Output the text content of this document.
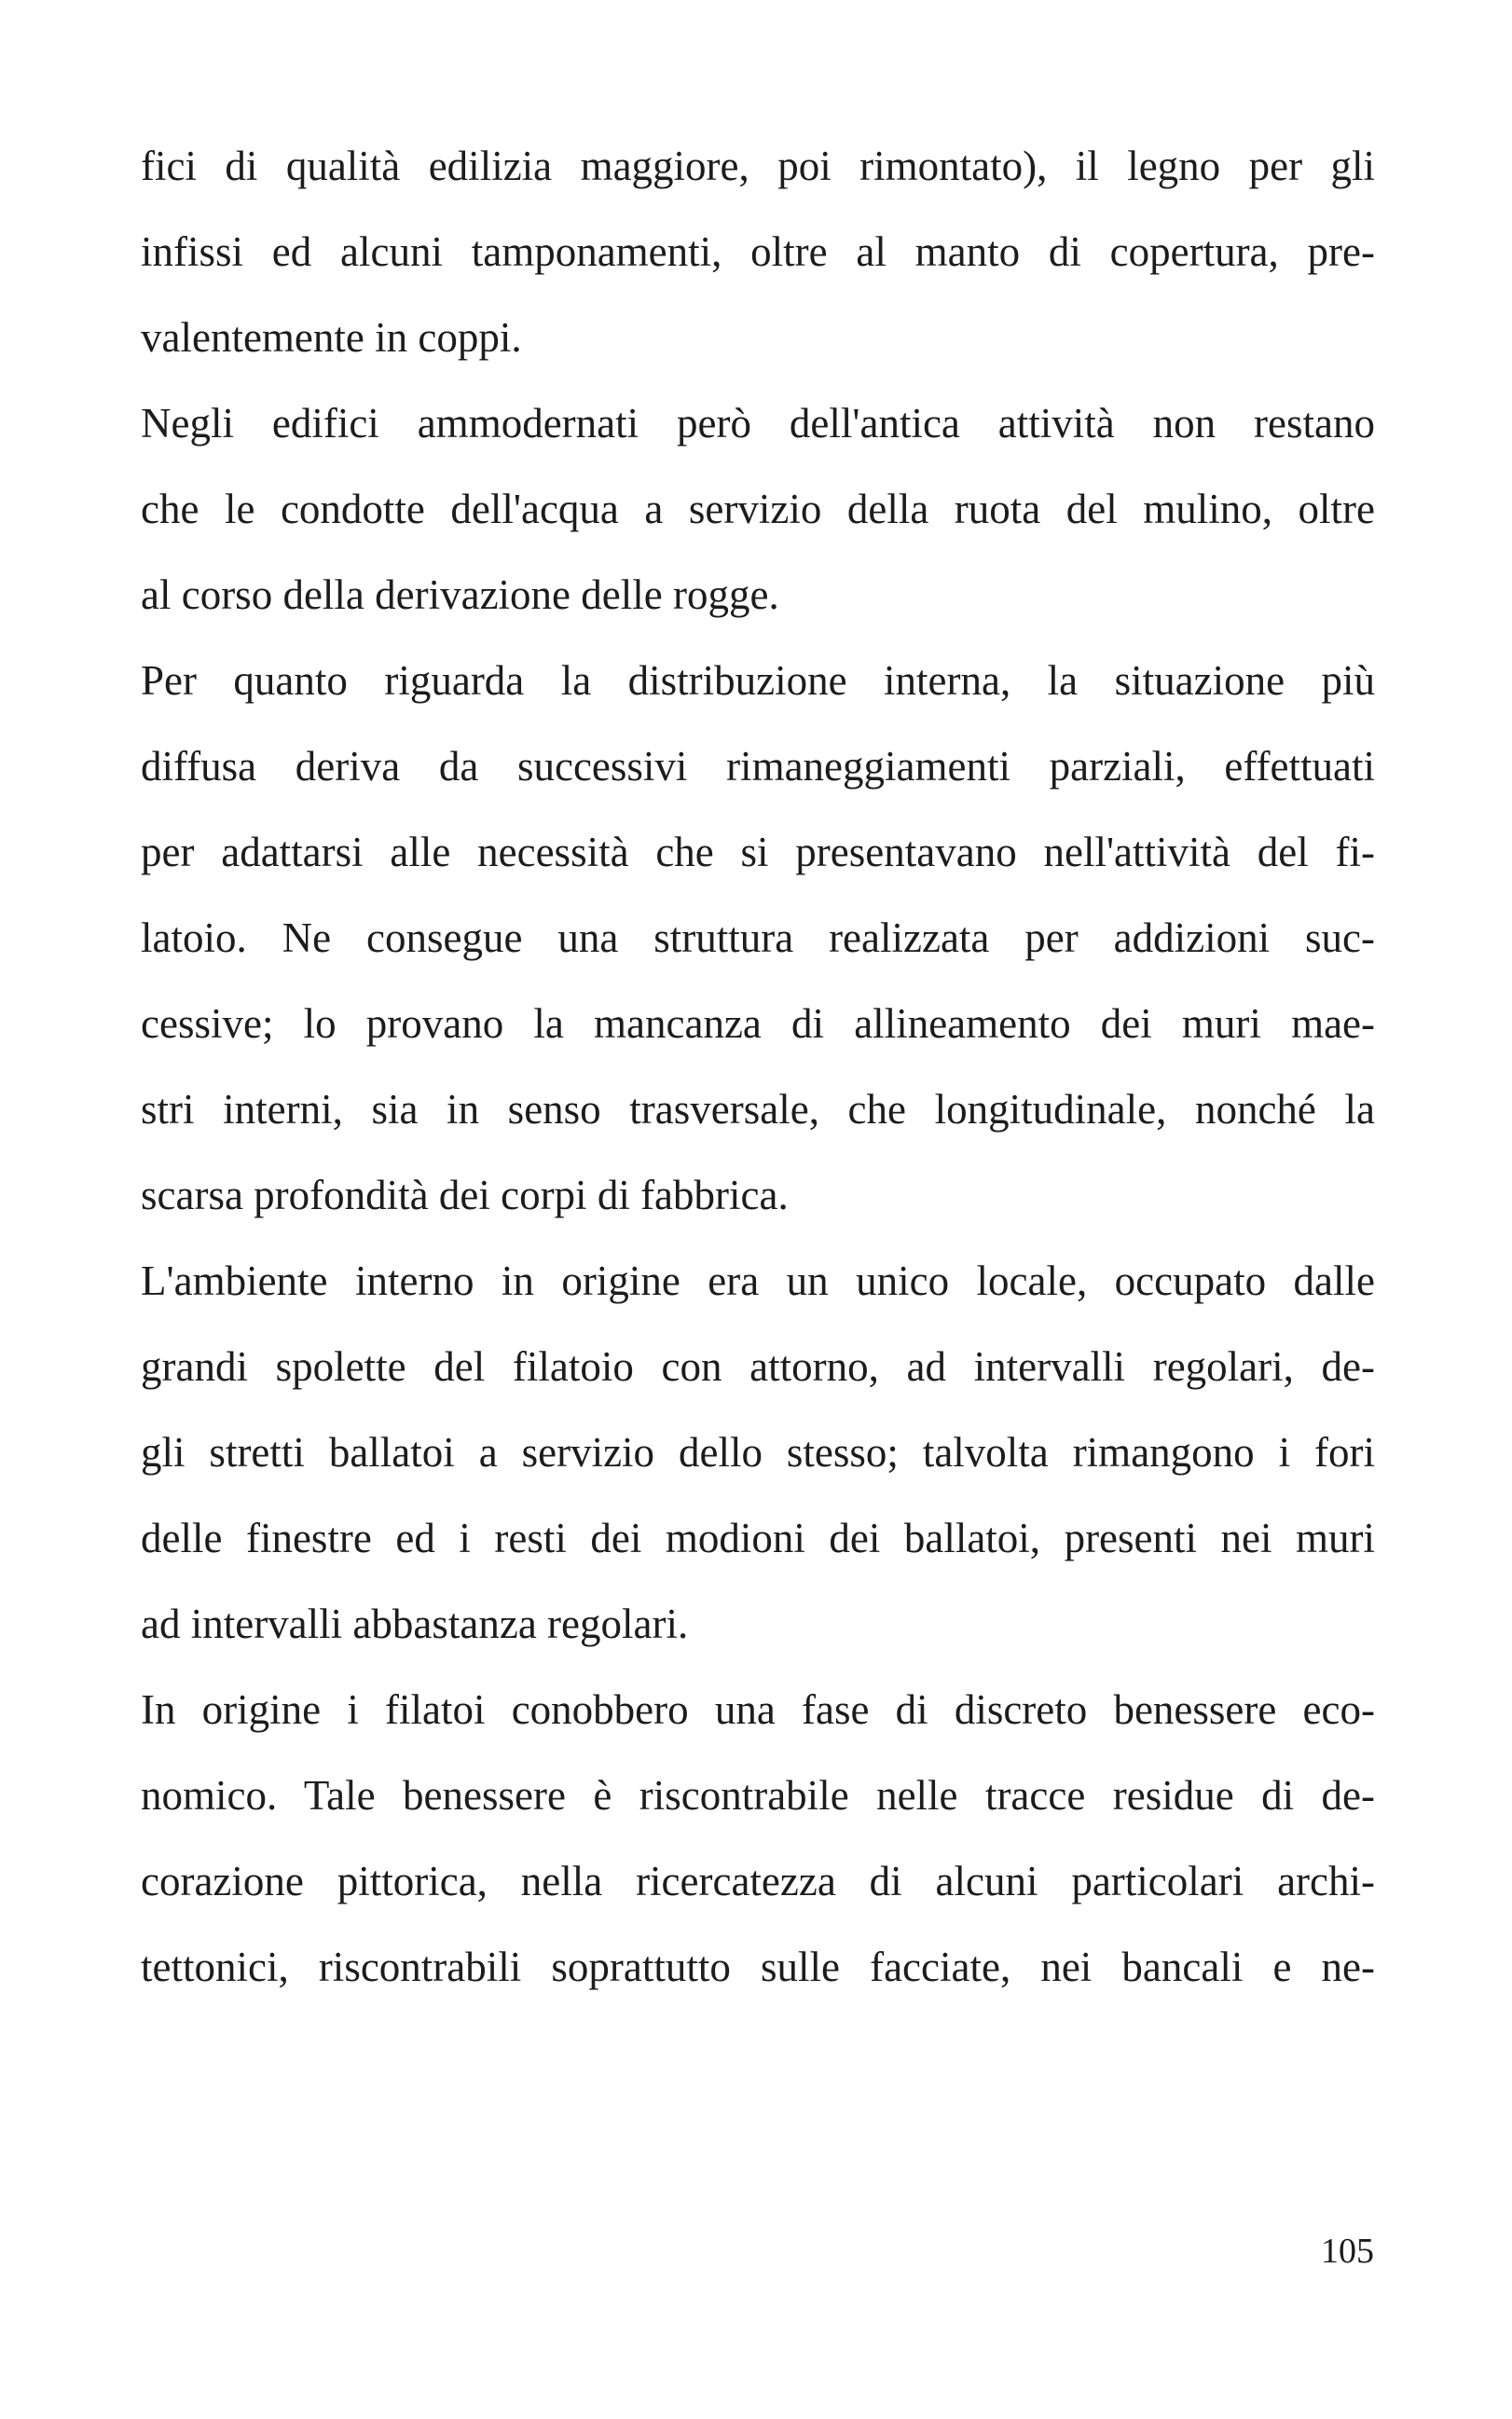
fici di qualità edilizia maggiore, poi rimontato), il legno per gli
infissi ed alcuni tamponamenti, oltre al manto di copertura, pre-
valentemente in coppi.
Negli edifici ammodernati però dell'antica attività non restano
che le condotte dell'acqua a servizio della ruota del mulino, oltre
al corso della derivazione delle rogge.
Per quanto riguarda la distribuzione interna, la situazione più
diffusa deriva da successivi rimaneggiamenti parziali, effettuati
per adattarsi alle necessità che si presentavano nell'attività del fi-
latoio. Ne consegue una struttura realizzata per addizioni suc-
cessive; lo provano la mancanza di allineamento dei muri mae-
stri interni, sia in senso trasversale, che longitudinale, nonché la
scarsa profondità dei corpi di fabbrica.
L'ambiente interno in origine era un unico locale, occupato dalle
grandi spolette del filatoio con attorno, ad intervalli regolari, de-
gli stretti ballatoi a servizio dello stesso; talvolta rimangono i fori
delle finestre ed i resti dei modioni dei ballatoi, presenti nei muri
ad intervalli abbastanza regolari.
In origine i filatoi conobbero una fase di discreto benessere eco-
nomico. Tale benessere è riscontrabile nelle tracce residue di de-
corazione pittorica, nella ricercatezza di alcuni particolari archi-
tettonici, riscontrabili soprattutto sulle facciate, nei bancali e ne-
105
